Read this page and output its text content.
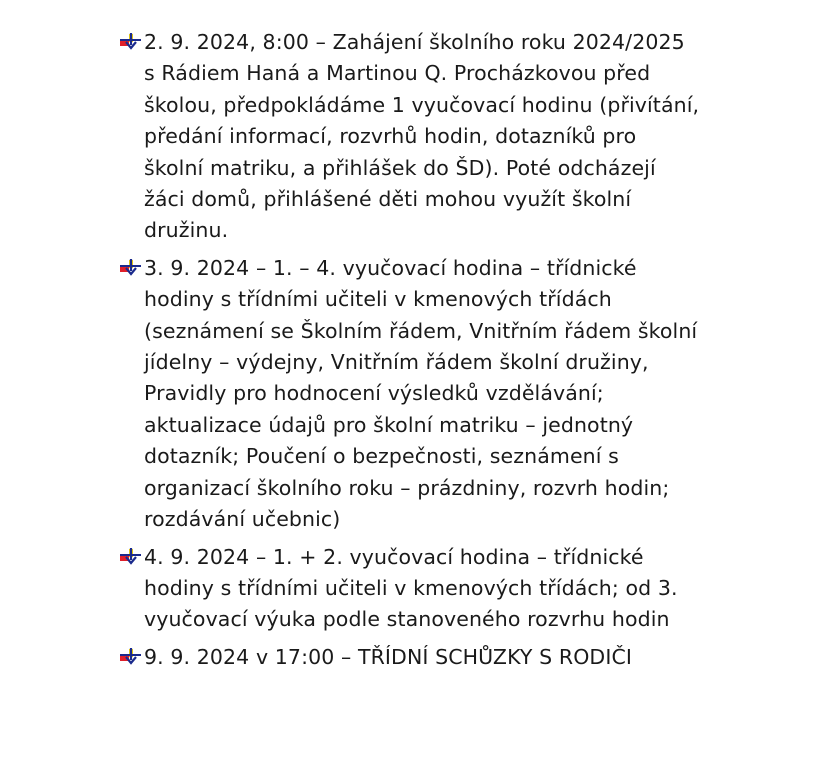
2. 9. 2024, 8:00 – Zahájení školního roku 2024/2025 s Rádiem Haná a Martinou Q. Procházkovou před školou, předpokládáme 1 vyučovací hodinu (přivítání, předání informací, rozvrhů hodin, dotazníků pro školní matriku, a přihlášek do ŠD). Poté odcházejí žáci domů, přihlášené děti mohou využít školní družinu.
3. 9. 2024 – 1. – 4. vyučovací hodina – třídnické hodiny s třídními učiteli v kmenových třídách (seznámení se Školním řádem, Vnitřním řádem školní jídelny – výdejny, Vnitřním řádem školní družiny, Pravidly pro hodnocení výsledků vzdělávání; aktualizace údajů pro školní matriku – jednotný dotazník; Poučení o bezpečnosti, seznámení s organizací školního roku – prázdniny, rozvrh hodin; rozdávání učebnic)
4. 9. 2024 – 1. + 2. vyučovací hodina – třídnické hodiny s třídními učiteli v kmenových třídách; od 3. vyučovací výuka podle stanoveného rozvrhu hodin
9. 9. 2024 v 17:00 – TŘÍDNÍ SCHŮZKY S RODIČI
